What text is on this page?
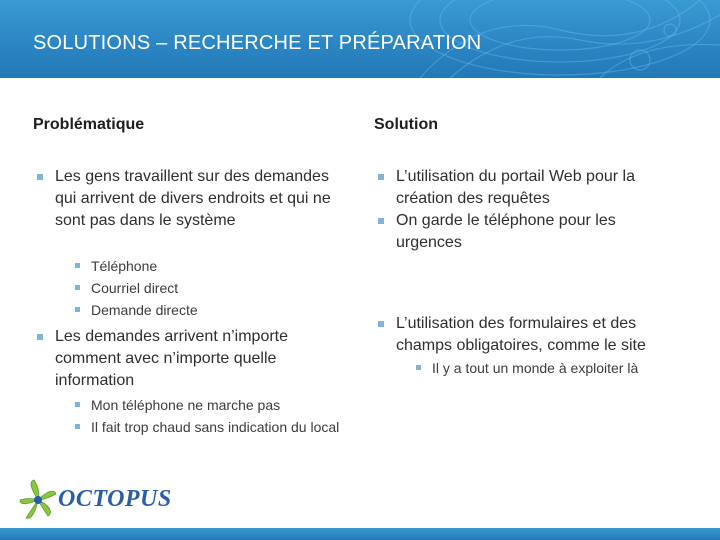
SOLUTIONS – RECHERCHE ET PRÉPARATION
Problématique
Les gens travaillent sur des demandes qui arrivent de divers endroits et qui ne sont pas dans le système
Téléphone
Courriel direct
Demande directe
Les demandes arrivent n’importe comment avec n’importe quelle information
Mon téléphone ne marche pas
Il fait trop chaud sans indication du local
Solution
L’utilisation du portail Web pour la création des requêtes
On garde le téléphone pour les urgences
L’utilisation des formulaires et des champs obligatoires, comme le site
Il y a tout un monde à exploiter là
OCTOPUS
